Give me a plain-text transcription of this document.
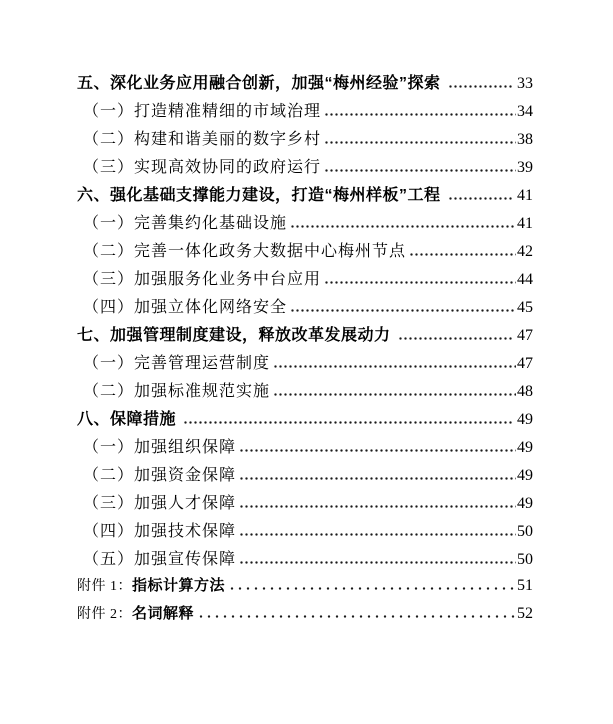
五、深化业务应用融合创新，加强“梅州经验”探索	33
（一）打造精准精细的市域治理	34
（二）构建和谐美丽的数字乡村	38
（三）实现高效协同的政府运行	39
六、强化基础支撑能力建设，打造“梅州样板”工程	41
（一）完善集约化基础设施	41
（二）完善一体化政务大数据中心梅州节点	42
（三）加强服务化业务中台应用	44
（四）加强立体化网络安全	45
七、加强管理制度建设，释放改革发展动力	47
（一）完善管理运营制度	47
（二）加强标准规范实施	48
八、保障措施	49
（一）加强组织保障	49
（二）加强资金保障	49
（三）加强人才保障	49
（四）加强技术保障	50
（五）加强宣传保障	50
附件 1： 指标计算方法	51
附件 2： 名词解释	52
